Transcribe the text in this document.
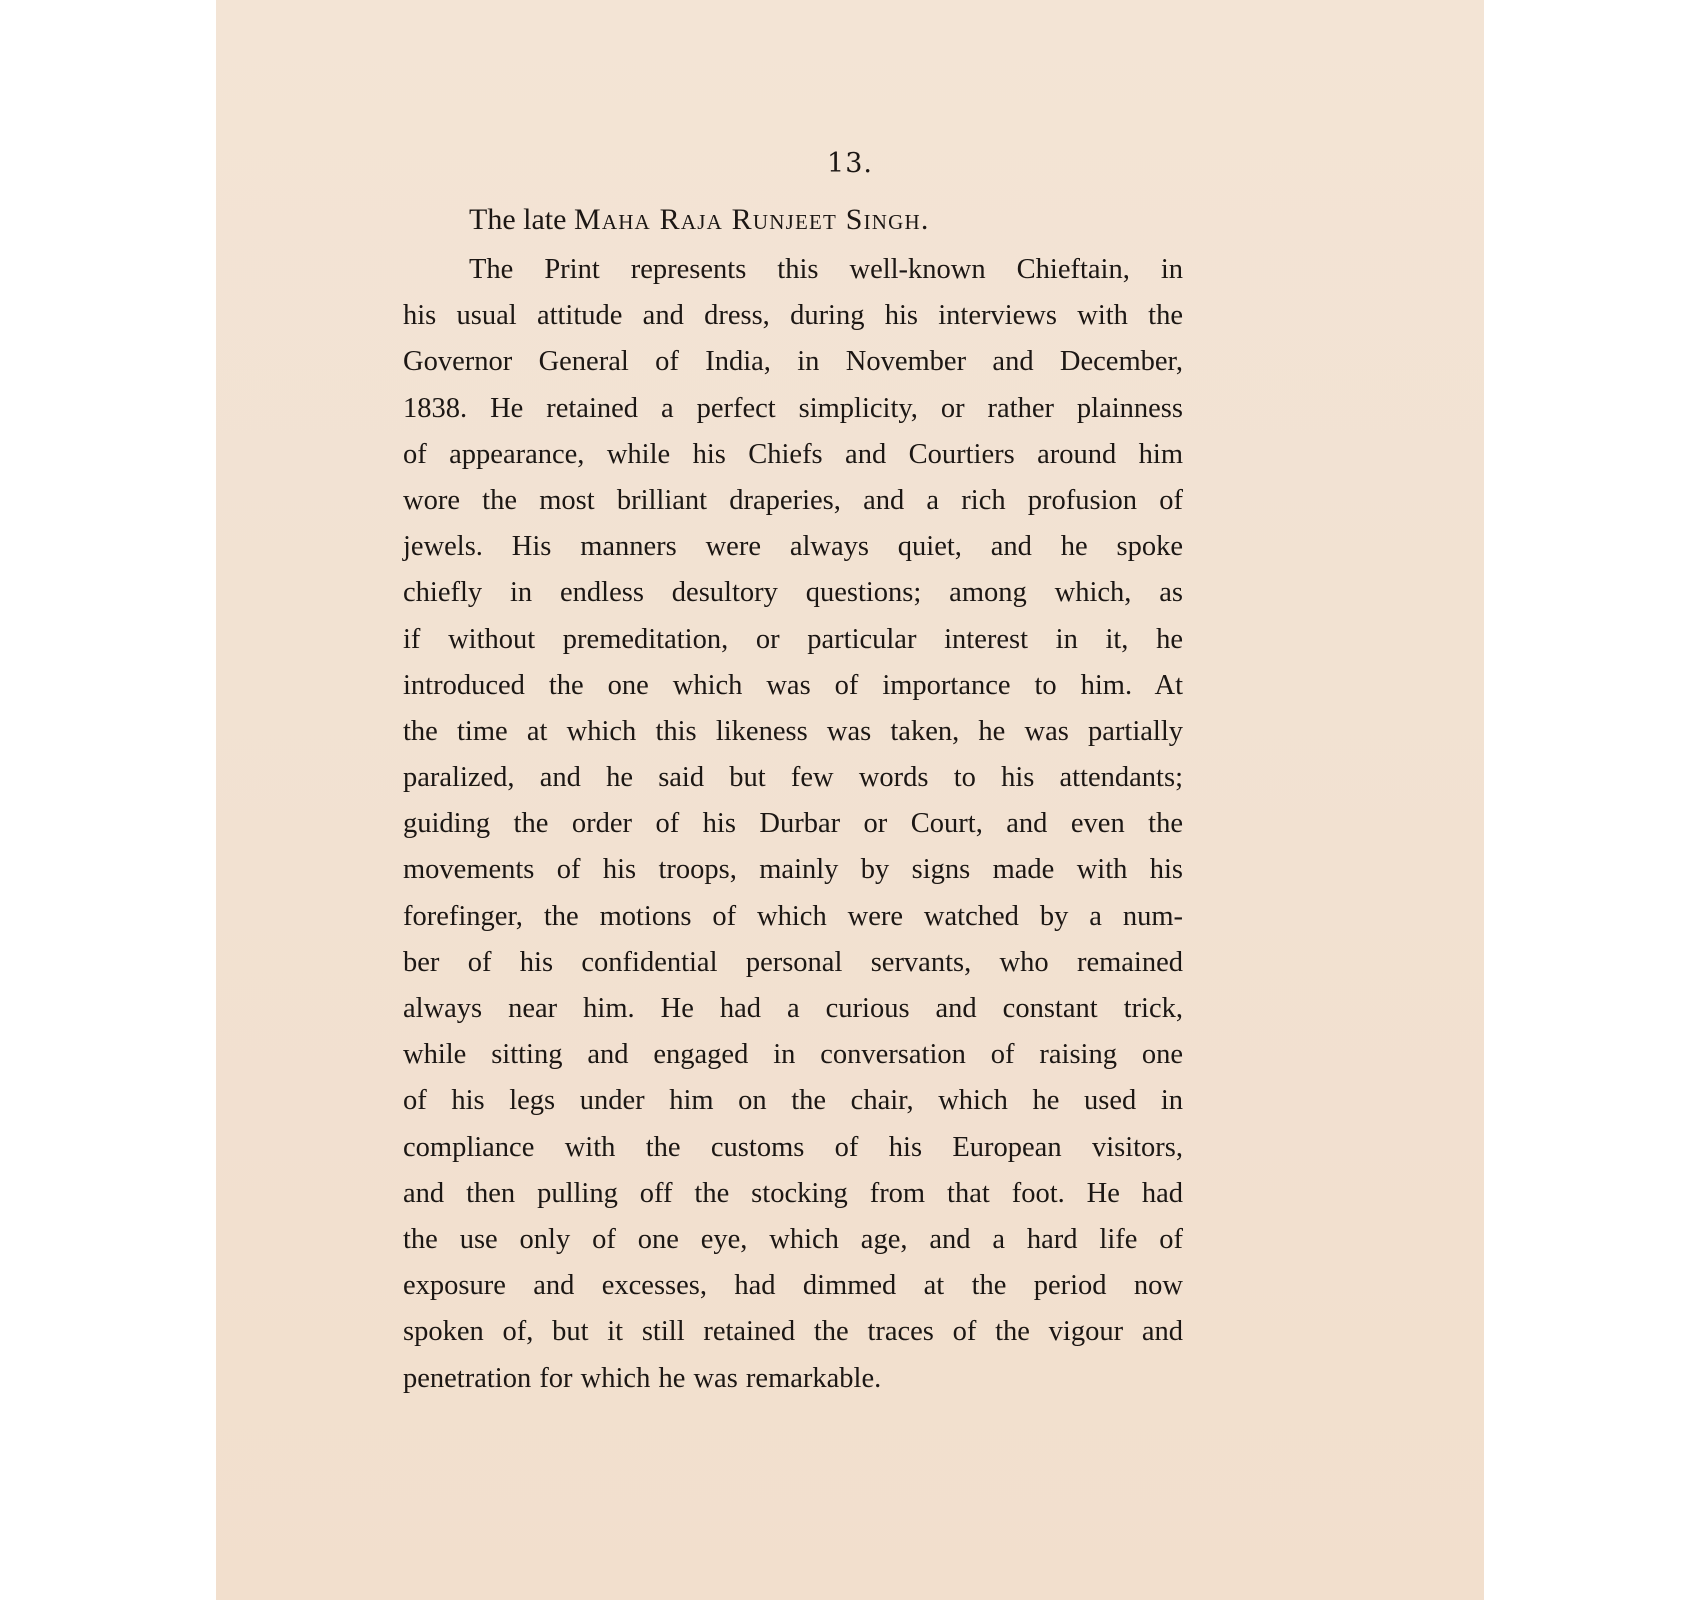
13.
The late Maha Raja Runjeet Singh.
The Print represents this well-known Chieftain, in
his usual attitude and dress, during his interviews with the
Governor General of India, in November and December,
1838. He retained a perfect simplicity, or rather plainness
of appearance, while his Chiefs and Courtiers around him
wore the most brilliant draperies, and a rich profusion of
jewels. His manners were always quiet, and he spoke
chiefly in endless desultory questions; among which, as
if without premeditation, or particular interest in it, he
introduced the one which was of importance to him. At
the time at which this likeness was taken, he was partially
paralized, and he said but few words to his attendants;
guiding the order of his Durbar or Court, and even the
movements of his troops, mainly by signs made with his
forefinger, the motions of which were watched by a num-
ber of his confidential personal servants, who remained
always near him. He had a curious and constant trick,
while sitting and engaged in conversation of raising one
of his legs under him on the chair, which he used in
compliance with the customs of his European visitors,
and then pulling off the stocking from that foot. He had
the use only of one eye, which age, and a hard life of
exposure and excesses, had dimmed at the period now
spoken of, but it still retained the traces of the vigour and
penetration for which he was remarkable.
